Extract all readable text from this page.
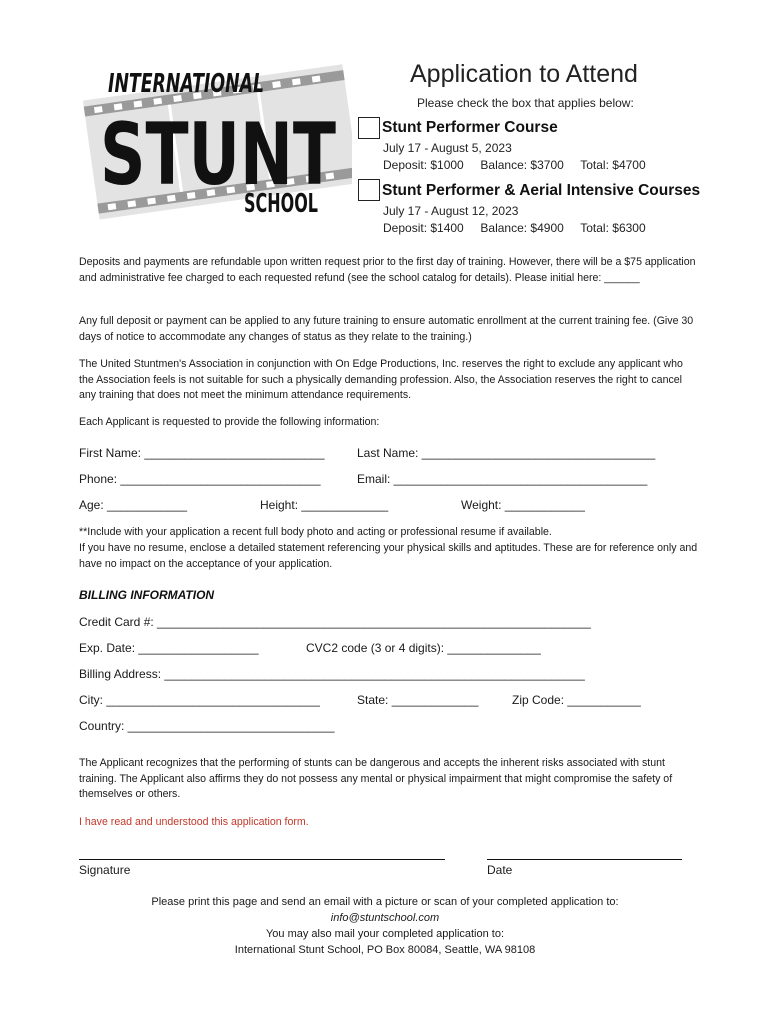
INTERNATIONAL
STUNT
SCHOOL
Application to Attend
Please check the box that applies below:
Stunt Performer Course
July 17 - August 5, 2023
Deposit: $1000     Balance: $3700     Total: $4700
Stunt Performer & Aerial Intensive Courses
July 17 - August 12, 2023
Deposit: $1400     Balance: $4900     Total: $6300
Deposits and payments are refundable upon written request prior to the first day of training. However, there will be a $75 application and administrative fee charged to each requested refund (see the school catalog for details). Please initial here: ______
Any full deposit or payment can be applied to any future training to ensure automatic enrollment at the current training fee. (Give 30 days of notice to accommodate any changes of status as they relate to the training.)
The United Stuntmen's Association in conjunction with On Edge Productions, Inc. reserves the right to exclude any applicant who the Association feels is not suitable for such a physically demanding profession. Also, the Association reserves the right to cancel any training that does not meet the minimum attendance requirements.
Each Applicant is requested to provide the following information:
First Name: ___________________________	Last Name: ___________________________________
Phone: ______________________________	Email: ______________________________________
Age: ____________	Height: _____________	Weight: ____________
**Include with your application a recent full body photo and acting or professional resume if available.
If you have no resume, enclose a detailed statement referencing your physical skills and aptitudes. These are for reference only and have no impact on the acceptance of your application.
BILLING INFORMATION
Credit Card #: _________________________________________________________________
Exp. Date: __________________	CVC2 code (3 or 4 digits): ______________
Billing Address: _______________________________________________________________
City: ________________________________	State: _____________	Zip Code: ___________
Country: _______________________________
The Applicant recognizes that the performing of stunts can be dangerous and accepts the inherent risks associated with stunt training. The Applicant also affirms they do not possess any mental or physical impairment that might compromise the safety of themselves or others.
I have read and understood this application form.
Signature	Date
Please print this page and send an email with a picture or scan of your completed application to:
info@stuntschool.com
You may also mail your completed application to:
International Stunt School, PO Box 80084, Seattle, WA 98108
